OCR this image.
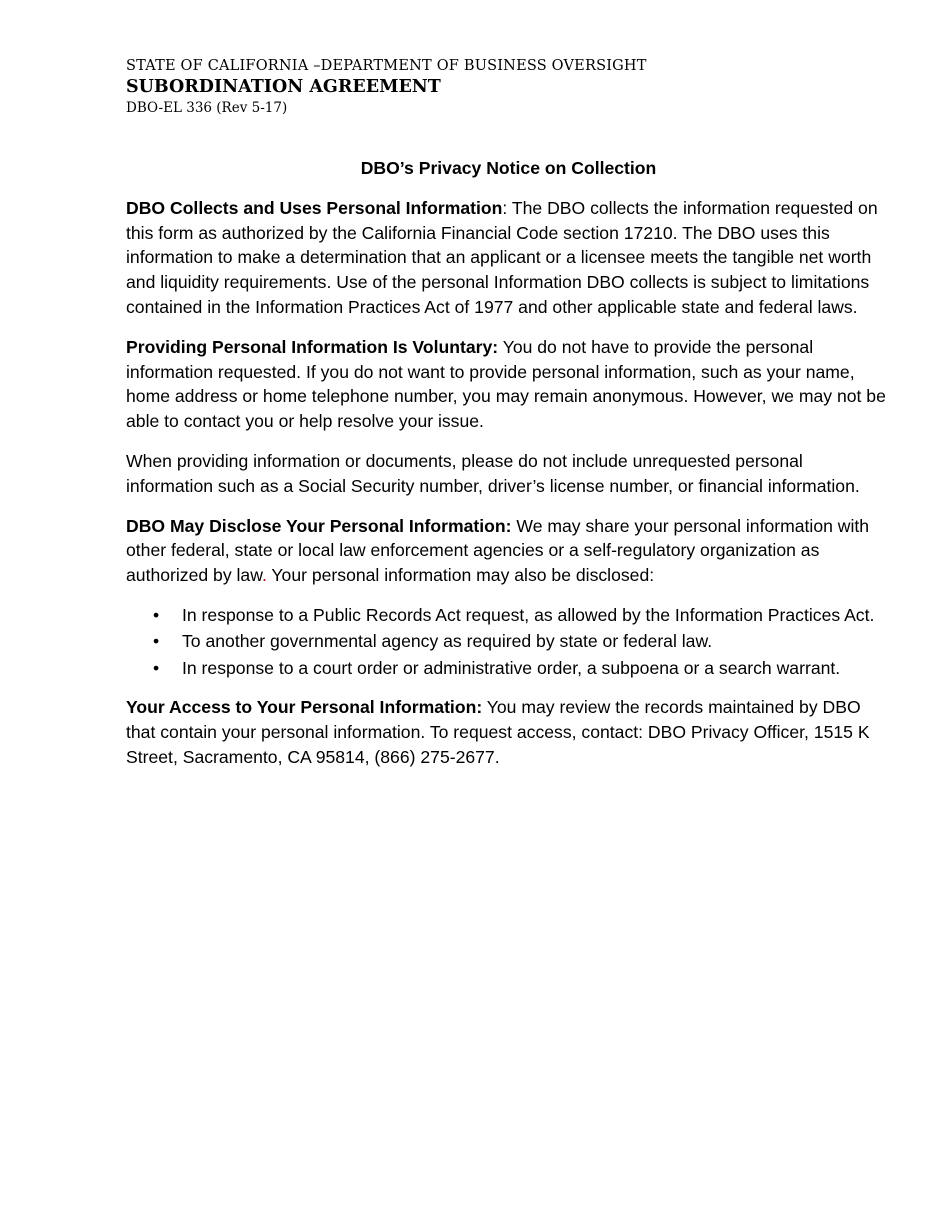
STATE OF CALIFORNIA –DEPARTMENT OF BUSINESS OVERSIGHT
SUBORDINATION AGREEMENT
DBO-EL 336 (Rev 5-17)
DBO’s Privacy Notice on Collection

DBO Collects and Uses Personal Information: The DBO collects the information requested on this form as authorized by the California Financial Code section 17210. The DBO uses this information to make a determination that an applicant or a licensee meets the tangible net worth and liquidity requirements. Use of the personal Information DBO collects is subject to limitations contained in the Information Practices Act of 1977 and other applicable state and federal laws.

Providing Personal Information Is Voluntary: You do not have to provide the personal information requested. If you do not want to provide personal information, such as your name, home address or home telephone number, you may remain anonymous. However, we may not be able to contact you or help resolve your issue.

When providing information or documents, please do not include unrequested personal information such as a Social Security number, driver’s license number, or financial information.

DBO May Disclose Your Personal Information: We may share your personal information with other federal, state or local law enforcement agencies or a self-regulatory organization as authorized by law. Your personal information may also be disclosed:

• In response to a Public Records Act request, as allowed by the Information Practices Act.
• To another governmental agency as required by state or federal law.
• In response to a court order or administrative order, a subpoena or a search warrant.

Your Access to Your Personal Information: You may review the records maintained by DBO that contain your personal information. To request access, contact: DBO Privacy Officer, 1515 K Street, Sacramento, CA 95814, (866) 275-2677.
